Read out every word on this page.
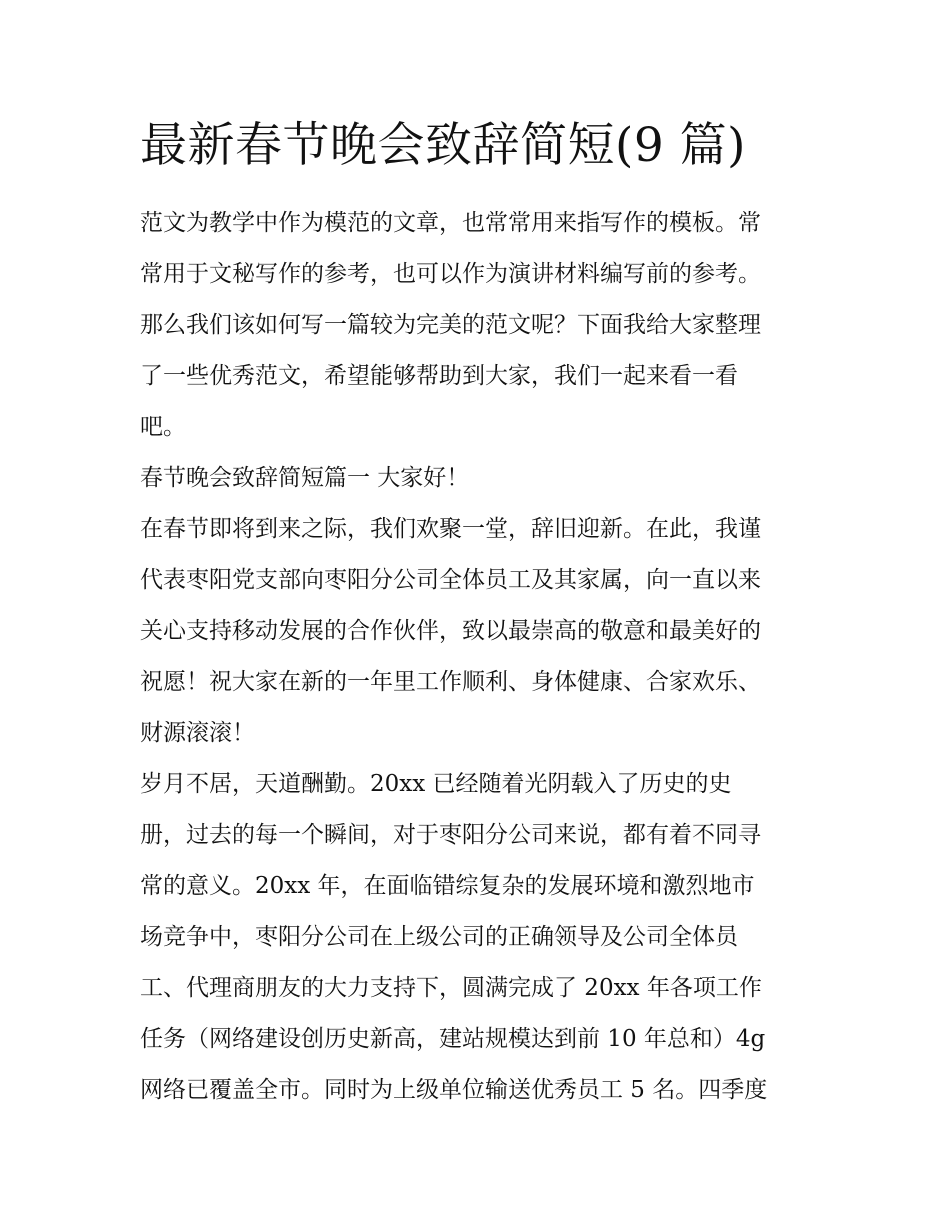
最新春节晚会致辞简短(9 篇)

范文为教学中作为模范的文章，也常常用来指写作的模板。常

常用于文秘写作的参考，也可以作为演讲材料编写前的参考。

那么我们该如何写一篇较为完美的范文呢？下面我给大家整理

了一些优秀范文，希望能够帮助到大家，我们一起来看一看

吧。

春节晚会致辞简短篇一 大家好！

在春节即将到来之际，我们欢聚一堂，辞旧迎新。在此，我谨

代表枣阳党支部向枣阳分公司全体员工及其家属，向一直以来

关心支持移动发展的合作伙伴，致以最崇高的敬意和最美好的

祝愿！祝大家在新的一年里工作顺利、身体健康、合家欢乐、

财源滚滚！

岁月不居，天道酬勤。20xx 已经随着光阴载入了历史的史

册，过去的每一个瞬间，对于枣阳分公司来说，都有着不同寻

常的意义。20xx 年，在面临错综复杂的发展环境和激烈地市

场竞争中，枣阳分公司在上级公司的正确领导及公司全体员

工、代理商朋友的大力支持下，圆满完成了 20xx 年各项工作

任务（网络建设创历史新高，建站规模达到前 10 年总和）4g

网络已覆盖全市。同时为上级单位输送优秀员工 5 名。四季度
